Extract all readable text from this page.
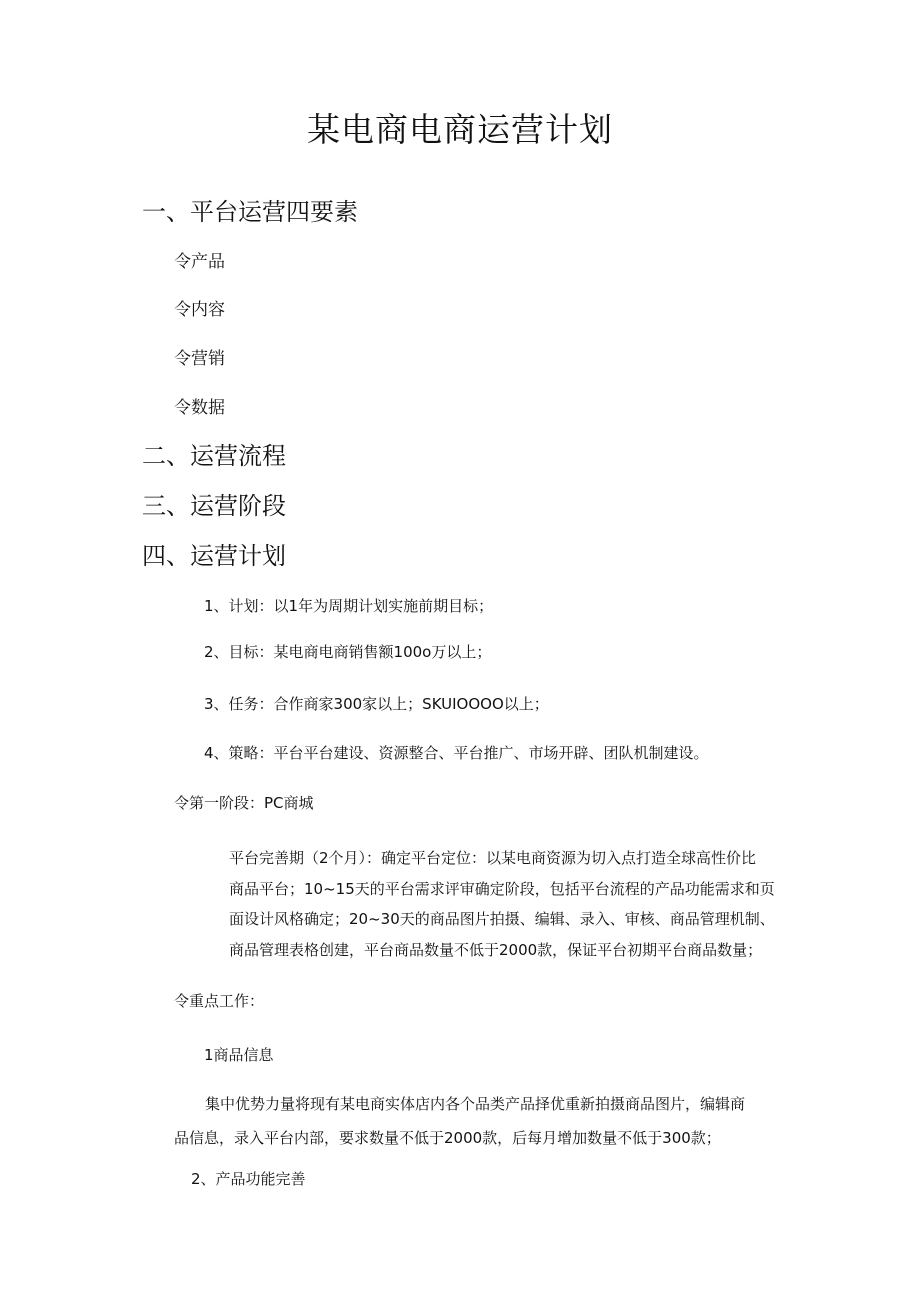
某电商电商运营计划
一、平台运营四要素
令产品
令内容
令营销
令数据
二、运营流程
三、运营阶段
四、运营计划
1、计划：以1年为周期计划实施前期目标；
2、目标：某电商电商销售额100o万以上；
3、任务：合作商家300家以上；SKUIOOOO以上；
4、策略：平台平台建设、资源整合、平台推广、市场开辟、团队机制建设。
令第一阶段：PC商城
平台完善期（2个月）：确定平台定位：以某电商资源为切入点打造全球高性价比
商品平台；10~15天的平台需求评审确定阶段，包括平台流程的产品功能需求和页
面设计风格确定；20~30天的商品图片拍摄、编辑、录入、审核、商品管理机制、
商品管理表格创建，平台商品数量不低于2000款，保证平台初期平台商品数量；
令重点工作：
1商品信息
集中优势力量将现有某电商实体店内各个品类产品择优重新拍摄商品图片，编辑商
品信息，录入平台内部，要求数量不低于2000款，后每月增加数量不低于300款；
2、产品功能完善
